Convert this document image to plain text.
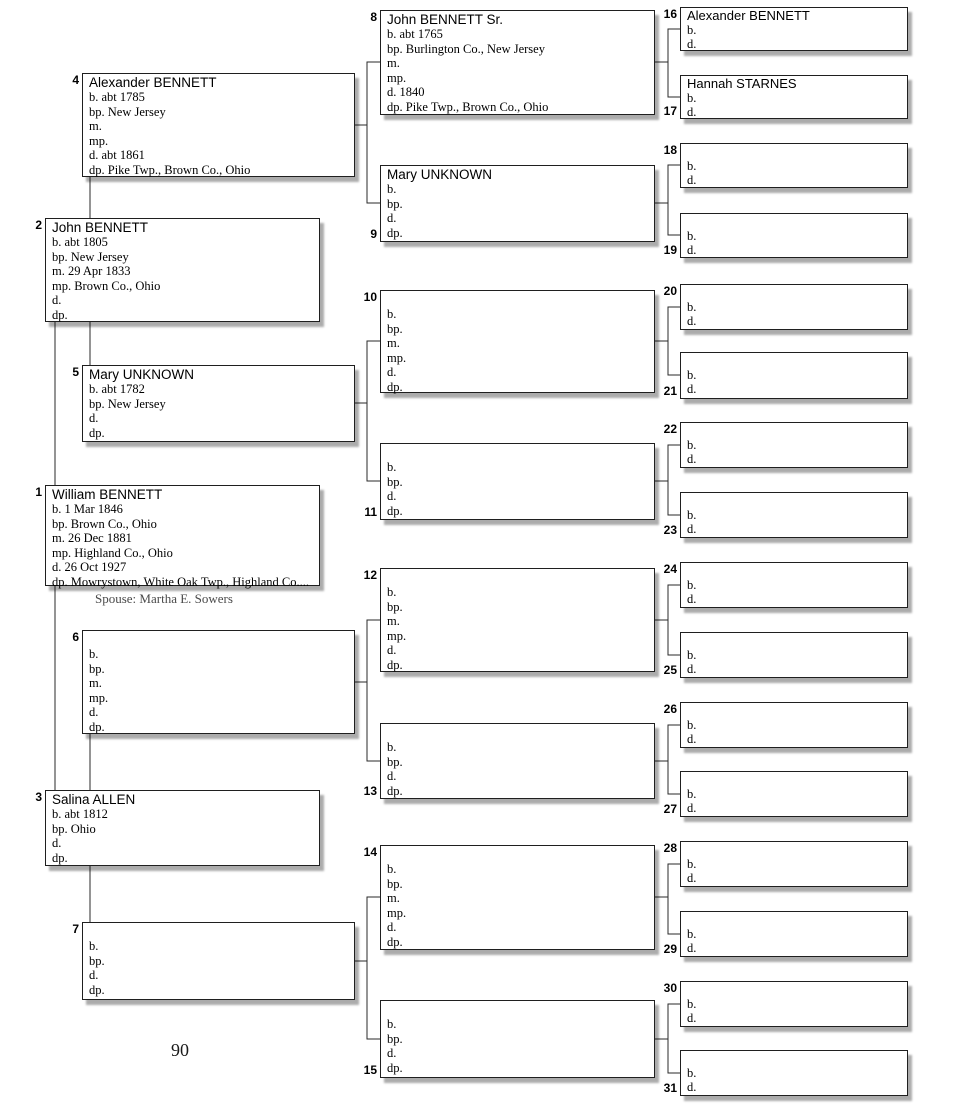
1 William BENNETT
b. 1 Mar 1846
bp. Brown Co., Ohio
m. 26 Dec 1881
mp. Highland Co., Ohio
d. 26 Oct 1927
dp. Mowrystown, White Oak Twp., Highland Co....
2 John BENNETT
b. abt 1805
bp. New Jersey
m. 29 Apr 1833
mp. Brown Co., Ohio
d.
dp.
3 Salina ALLEN
b. abt 1812
bp. Ohio
d.
dp.
4 Alexander BENNETT
b. abt 1785
bp. New Jersey
m.
mp.
d. abt 1861
dp. Pike Twp., Brown Co., Ohio
5 Mary UNKNOWN
b. abt 1782
bp. New Jersey
d.
dp.
6
b.
bp.
m.
mp.
d.
dp.
7
b.
bp.
d.
dp.
8 John BENNETT Sr.
b. abt 1765
bp. Burlington Co., New Jersey
m.
mp.
d. 1840
dp. Pike Twp., Brown Co., Ohio
9
Mary UNKNOWN
b.
bp.
d.
dp.
10
b.
bp.
m.
mp.
d.
dp.
11
b.
bp.
d.
dp.
12
b.
bp.
m.
mp.
d.
dp.
13
b.
bp.
d.
dp.
14
b.
bp.
m.
mp.
d.
dp.
15
b.
bp.
d.
dp.
16 Alexander BENNETT
b.
d.
17
Hannah STARNES
b.
d.
18
b.
d.
19
b.
d.
20
b.
d.
21
b.
d.
22
b.
d.
23
b.
d.
24
b.
d.
25
b.
d.
26
b.
d.
27
b.
d.
28
b.
d.
29
b.
d.
30
b.
d.
31
b.
d.
Spouse: Martha E. Sowers
90
